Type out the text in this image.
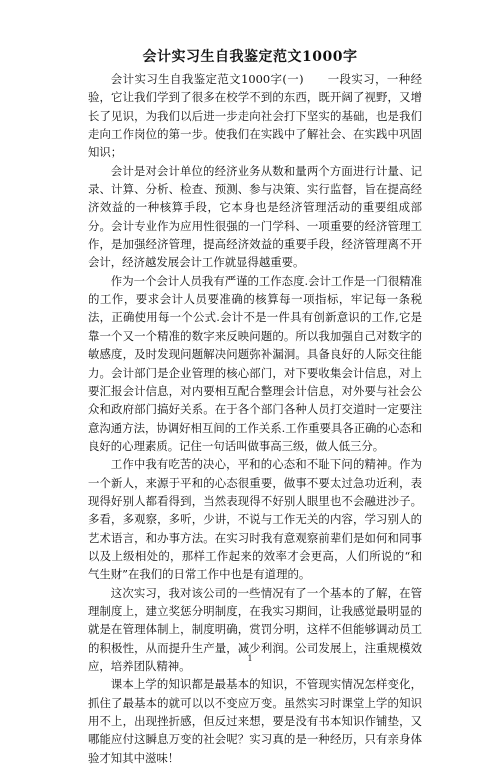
会计实习生自我鉴定范文1000字

会计实习生自我鉴定范文1000字(一)　　一段实习，一种经验，它让我们学到了很多在校学不到的东西，既开阔了视野，又增长了见识，为我们以后进一步走向社会打下坚实的基础，也是我们走向工作岗位的第一步。使我们在实践中了解社会、在实践中巩固知识；

会计是对会计单位的经济业务从数和量两个方面进行计量、记录、计算、分析、检查、预测、参与决策、实行监督，旨在提高经济效益的一种核算手段，它本身也是经济管理活动的重要组成部分。会计专业作为应用性很强的一门学科、一项重要的经济管理工作，是加强经济管理，提高经济效益的重要手段，经济管理离不开会计，经济越发展会计工作就显得越重要。

作为一个会计人员我有严谨的工作态度.会计工作是一门很精准的工作，要求会计人员要准确的核算每一项指标，牢记每一条税法，正确使用每一个公式.会计不是一件具有创新意识的工作,它是靠一个又一个精准的数字来反映问题的。所以我加强自己对数字的敏感度，及时发现问题解决问题弥补漏洞。具备良好的人际交往能力。会计部门是企业管理的核心部门，对下要收集会计信息，对上要汇报会计信息，对内要相互配合整理会计信息，对外要与社会公众和政府部门搞好关系。在于各个部门各种人员打交道时一定要注意沟通方法，协调好相互间的工作关系.工作重要具各正确的心态和良好的心理素质。记住一句话叫做事高三级，做人低三分。

工作中我有吃苦的决心，平和的心态和不耻下问的精神。作为一个新人，来源于平和的心态很重要，做事不要太过急功近利，表现得好别人都看得到，当然表现得不好别人眼里也不会融进沙子。多看，多观察，多听，少讲，不说与工作无关的内容，学习别人的艺术语言，和办事方法。在实习时我有意观察前辈们是如何和同事以及上级相处的，那样工作起来的效率才会更高，人们所说的“和气生财”在我们的日常工作中也是有道理的。

这次实习，我对该公司的一些情况有了一个基本的了解，在管理制度上，建立奖惩分明制度，在我实习期间，让我感觉最明显的就是在管理体制上，制度明确，赏罚分明，这样不但能够调动员工的积极性，从而提升生产量，减少利润。公司发展上，注重规模效应，培养团队精神。

课本上学的知识都是最基本的知识，不管现实情况怎样变化，抓住了最基本的就可以以不变应万变。虽然实习时课堂上学的知识用不上，出现挫折感，但反过来想，要是没有书本知识作铺垫，又哪能应付这瞬息万变的社会呢？实习真的是一种经历，只有亲身体验才知其中滋味！

1
